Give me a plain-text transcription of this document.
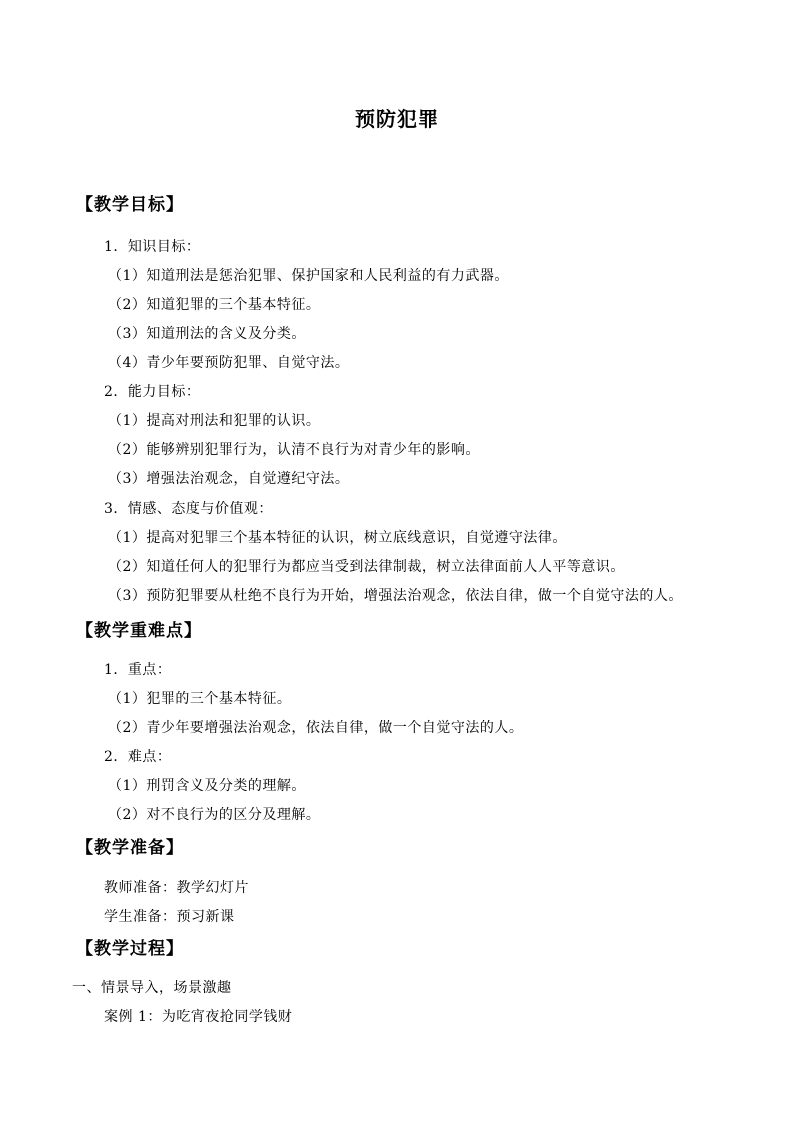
预防犯罪
【教学目标】
1．知识目标：
（1）知道刑法是惩治犯罪、保护国家和人民利益的有力武器。
（2）知道犯罪的三个基本特征。
（3）知道刑法的含义及分类。
（4）青少年要预防犯罪、自觉守法。
2．能力目标：
（1）提高对刑法和犯罪的认识。
（2）能够辨别犯罪行为，认清不良行为对青少年的影响。
（3）增强法治观念，自觉遵纪守法。
3．情感、态度与价值观：
（1）提高对犯罪三个基本特征的认识，树立底线意识，自觉遵守法律。
（2）知道任何人的犯罪行为都应当受到法律制裁，树立法律面前人人平等意识。
（3）预防犯罪要从杜绝不良行为开始，增强法治观念，依法自律，做一个自觉守法的人。
【教学重难点】
1．重点：
（1）犯罪的三个基本特征。
（2）青少年要增强法治观念，依法自律，做一个自觉守法的人。
2．难点：
（1）刑罚含义及分类的理解。
（2）对不良行为的区分及理解。
【教学准备】
教师准备：教学幻灯片
学生准备：预习新课
【教学过程】
一、情景导入，场景激趣
案例 1：为吃宵夜抢同学钱财
